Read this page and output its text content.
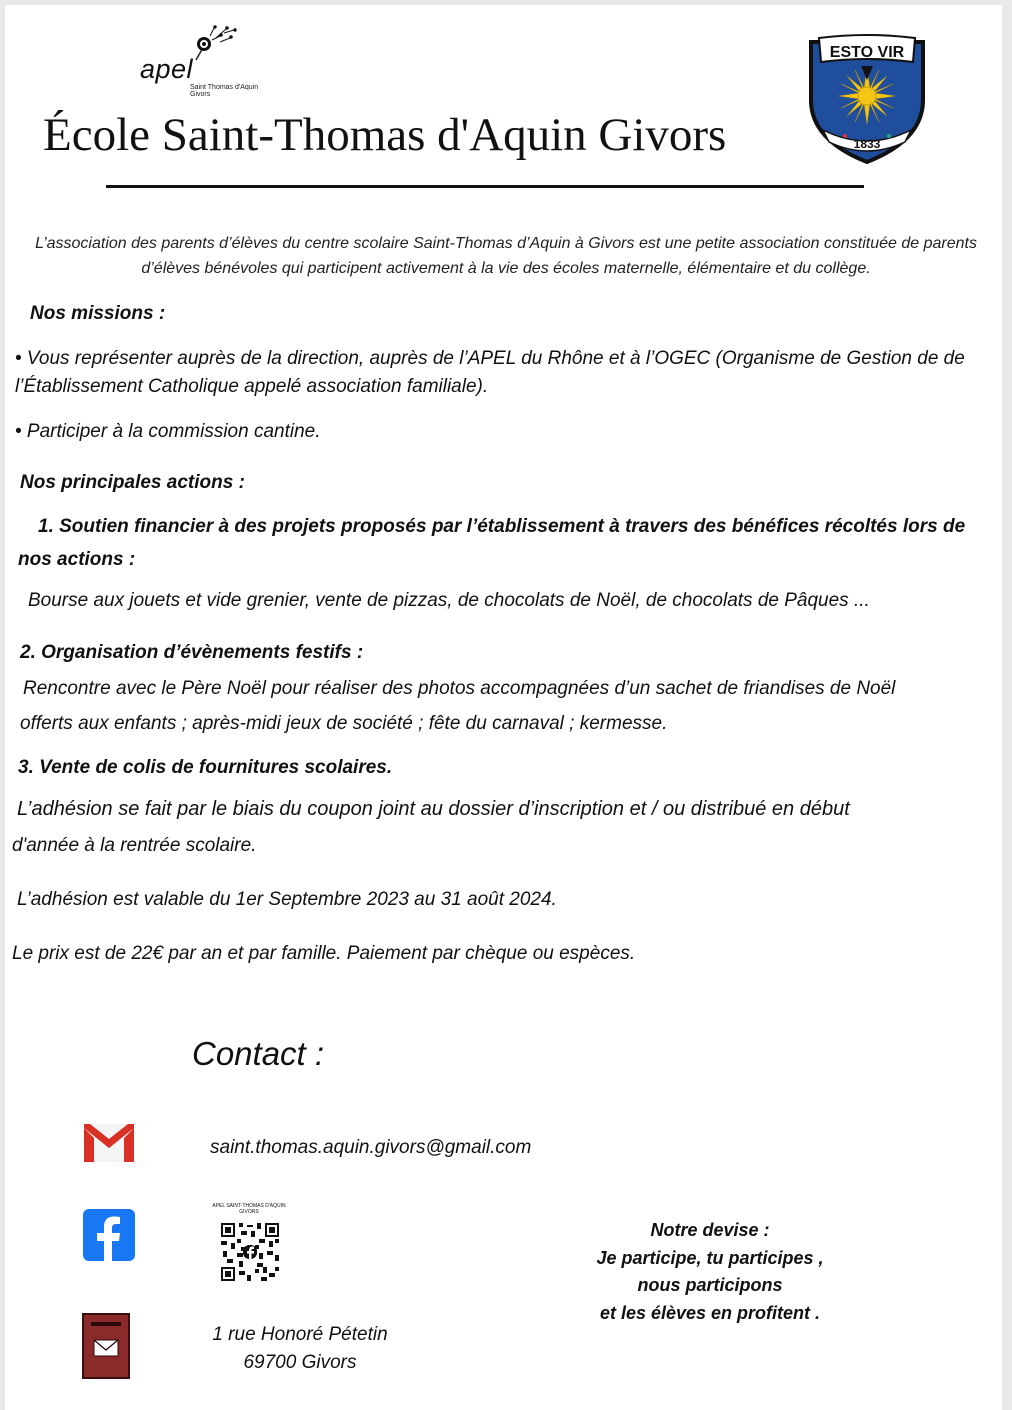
apel
Saint Thomas d'Aquin
Givors
École Saint-Thomas d'Aquin Givors
ESTO VIR
1833
L’association des parents d’élèves du centre scolaire Saint-Thomas d’Aquin à Givors est une petite association constituée de parents d’élèves bénévoles qui participent activement à la vie des écoles maternelle, élémentaire et du collège.
Nos missions :
• Vous représenter auprès de la direction, auprès de l’APEL du Rhône et à l’OGEC (Organisme de Gestion de de l’Établissement Catholique appelé association familiale).
• Participer à la commission cantine.
Nos principales actions :
1. Soutien financier à des projets proposés par l’établissement à travers des bénéfices récoltés lors de nos actions :
Bourse aux jouets et vide grenier, vente de pizzas, de chocolats de Noël, de chocolats de Pâques ...
2. Organisation d’évènements festifs :
Rencontre avec le Père Noël pour réaliser des photos accompagnées d’un sachet de friandises de Noël
offerts aux enfants ; après-midi jeux de société ; fête du carnaval ; kermesse.
3. Vente de colis de fournitures scolaires.
L’adhésion se fait par le biais du coupon joint au dossier d’inscription et / ou distribué en début
d'année à la rentrée scolaire.
L’adhésion est valable du 1er Septembre 2023 au 31 août 2024.
Le prix est de 22€ par an et par famille. Paiement par chèque ou espèces.
Contact :
saint.thomas.aquin.givors@gmail.com
APEL SAINT-THOMAS D'AQUIN
GIVORS
1 rue Honoré Pétetin
69700 Givors
Notre devise :
Je participe, tu participes ,
nous participons
et les élèves en profitent .
